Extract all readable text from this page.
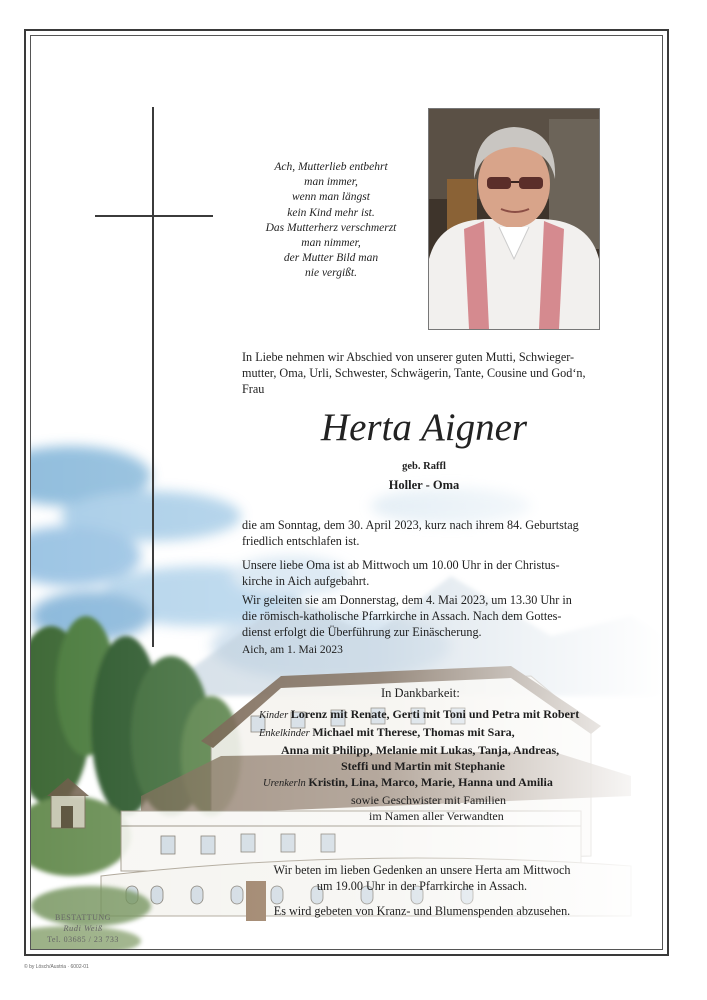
Ach, Mutterlieb entbehrt
man immer,
wenn man längst
kein Kind mehr ist.
Das Mutterherz verschmerzt
man nimmer,
der Mutter Bild man
nie vergißt.
In Liebe nehmen wir Abschied von unserer guten Mutti, Schwieger-
mutter, Oma, Urli, Schwester, Schwägerin, Tante, Cousine und God‘n,
Frau
Herta Aigner
geb. Raffl
Holler - Oma
die am Sonntag, dem 30. April 2023, kurz nach ihrem 84. Geburtstag
friedlich entschlafen ist.
Unsere liebe Oma ist ab Mittwoch um 10.00 Uhr in der Christus-
kirche in Aich aufgebahrt.
Wir geleiten sie am Donnerstag, dem 4. Mai 2023, um 13.30 Uhr in
die römisch-katholische Pfarrkirche in Assach. Nach dem Gottes-
dienst erfolgt die Überführung zur Einäscherung.
Aich, am 1. Mai 2023
In Dankbarkeit:
Kinder Lorenz mit Renate, Gerti mit Toni und Petra mit Robert
Enkelkinder Michael mit Therese, Thomas mit Sara,
Anna mit Philipp, Melanie mit Lukas, Tanja, Andreas,
Steffi und Martin mit Stephanie
Urenkerln Kristin, Lina, Marco, Marie, Hanna und Amilia
sowie Geschwister mit Familien
im Namen aller Verwandten
Wir beten im lieben Gedenken an unsere Herta am Mittwoch
um 19.00 Uhr in der Pfarrkirche in Assach.
Es wird gebeten von Kranz- und Blumenspenden abzusehen.
BESTATTUNG
Rudi Weiß
Tel. 03685 / 23 733
© by Lösch/Austria · 6002-01
